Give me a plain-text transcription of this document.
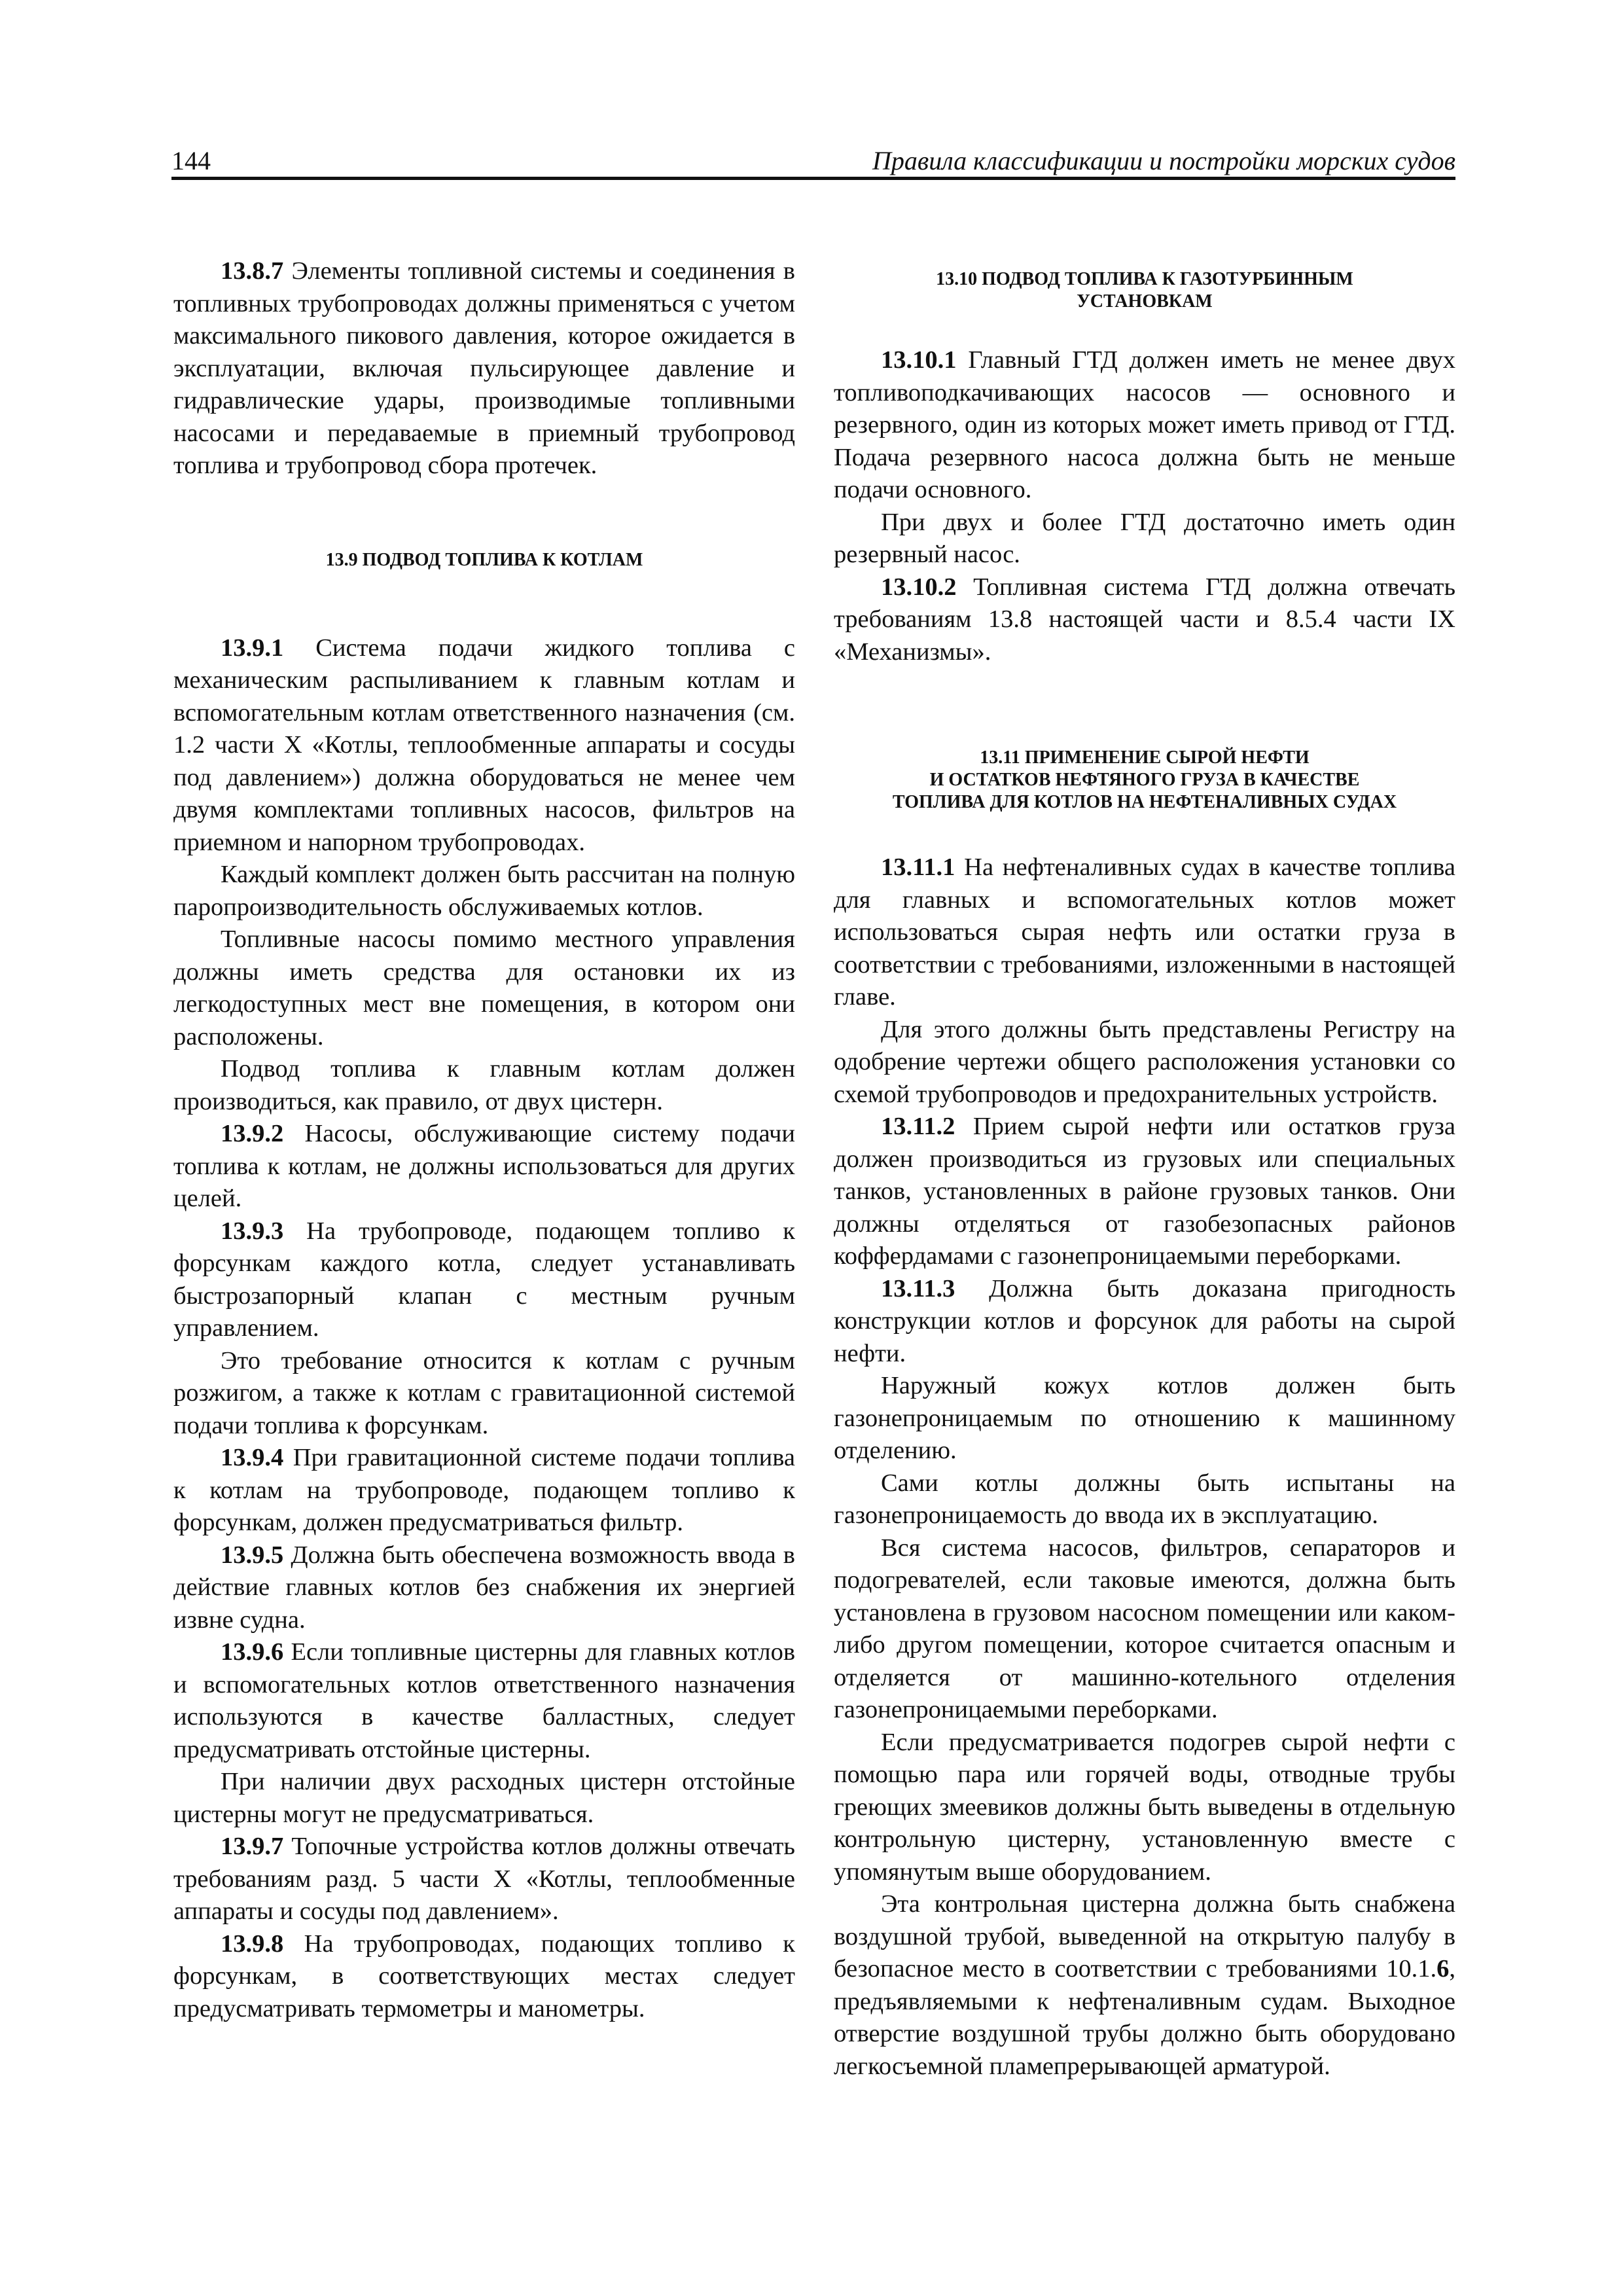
144	Правила классификации и постройки морских судов

13.8.7 Элементы топливной системы и соединения в топливных трубопроводах должны применяться с учетом максимального пикового давления, которое ожидается в эксплуатации, включая пульсирующее давление и гидравлические удары, производимые топливными насосами и передаваемые в приемный трубопровод топлива и трубопровод сбора протечек.

13.9 ПОДВОД ТОПЛИВА К КОТЛАМ

13.9.1 Система подачи жидкого топлива с механическим распыливанием к главным котлам и вспомогательным котлам ответственного назначения (см. 1.2 части X «Котлы, теплообменные аппараты и сосуды под давлением») должна оборудоваться не менее чем двумя комплектами топливных насосов, фильтров на приемном и напорном трубопроводах.

Каждый комплект должен быть рассчитан на полную паропроизводительность обслуживаемых котлов.

Топливные насосы помимо местного управления должны иметь средства для остановки их из легкодоступных мест вне помещения, в котором они расположены.

Подвод топлива к главным котлам должен производиться, как правило, от двух цистерн.

13.9.2 Насосы, обслуживающие систему подачи топлива к котлам, не должны использоваться для других целей.

13.9.3 На трубопроводе, подающем топливо к форсункам каждого котла, следует устанавливать быстрозапорный клапан с местным ручным управлением.

Это требование относится к котлам с ручным розжигом, а также к котлам с гравитационной системой подачи топлива к форсункам.

13.9.4 При гравитационной системе подачи топлива к котлам на трубопроводе, подающем топливо к форсункам, должен предусматриваться фильтр.

13.9.5 Должна быть обеспечена возможность ввода в действие главных котлов без снабжения их энергией извне судна.

13.9.6 Если топливные цистерны для главных котлов и вспомогательных котлов ответственного назначения используются в качестве балластных, следует предусматривать отстойные цистерны.

При наличии двух расходных цистерн отстойные цистерны могут не предусматриваться.

13.9.7 Топочные устройства котлов должны отвечать требованиям разд. 5 части X «Котлы, теплообменные аппараты и сосуды под давлением».

13.9.8 На трубопроводах, подающих топливо к форсункам, в соответствующих местах следует предусматривать термометры и манометры.

13.10 ПОДВОД ТОПЛИВА К ГАЗОТУРБИННЫМ
УСТАНОВКАМ

13.10.1 Главный ГТД должен иметь не менее двух топливоподкачивающих насосов — основного и резервного, один из которых может иметь привод от ГТД. Подача резервного насоса должна быть не меньше подачи основного.

При двух и более ГТД достаточно иметь один резервный насос.

13.10.2 Топливная система ГТД должна отвечать требованиям 13.8 настоящей части и 8.5.4 части IX «Механизмы».

13.11 ПРИМЕНЕНИЕ СЫРОЙ НЕФТИ
И ОСТАТКОВ НЕФТЯНОГО ГРУЗА В КАЧЕСТВЕ
ТОПЛИВА ДЛЯ КОТЛОВ НА НЕФТЕНАЛИВНЫХ СУДАХ

13.11.1 На нефтеналивных судах в качестве топлива для главных и вспомогательных котлов может использоваться сырая нефть или остатки груза в соответствии с требованиями, изложенными в настоящей главе.

Для этого должны быть представлены Регистру на одобрение чертежи общего расположения установки со схемой трубопроводов и предохранительных устройств.

13.11.2 Прием сырой нефти или остатков груза должен производиться из грузовых или специальных танков, установленных в районе грузовых танков. Они должны отделяться от газобезопасных районов коффердамами с газонепроницаемыми переборками.

13.11.3 Должна быть доказана пригодность конструкции котлов и форсунок для работы на сырой нефти.

Наружный кожух котлов должен быть газонепроницаемым по отношению к машинному отделению.

Сами котлы должны быть испытаны на газонепроницаемость до ввода их в эксплуатацию.

Вся система насосов, фильтров, сепараторов и подогревателей, если таковые имеются, должна быть установлена в грузовом насосном помещении или каком-либо другом помещении, которое считается опасным и отделяется от машинно-котельного отделения газонепроницаемыми переборками.

Если предусматривается подогрев сырой нефти с помощью пара или горячей воды, отводные трубы греющих змеевиков должны быть выведены в отдельную контрольную цистерну, установленную вместе с упомянутым выше оборудованием.

Эта контрольная цистерна должна быть снабжена воздушной трубой, выведенной на открытую палубу в безопасное место в соответствии с требованиями 10.1.6, предъявляемыми к нефтеналивным судам. Выходное отверстие воздушной трубы должно быть оборудовано легкосъемной пламепрерывающей арматурой.
